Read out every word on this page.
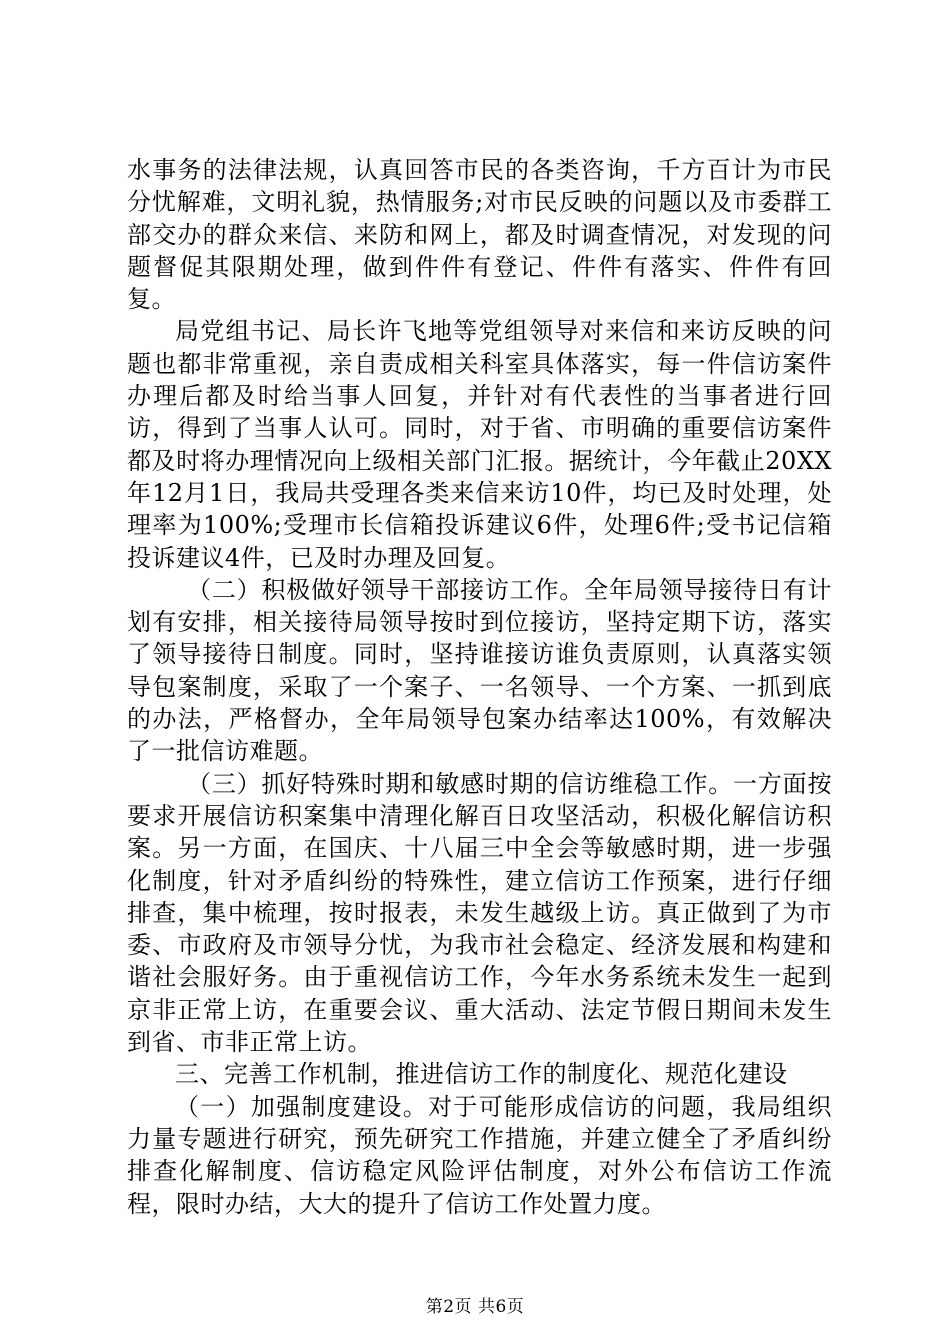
水事务的法律法规，认真回答市民的各类咨询，千方百计为市民分忧解难，文明礼貌，热情服务;对市民反映的问题以及市委群工部交办的群众来信、来防和网上，都及时调查情况，对发现的问题督促其限期处理，做到件件有登记、件件有落实、件件有回复。

局党组书记、局长许飞地等党组领导对来信和来访反映的问题也都非常重视，亲自责成相关科室具体落实，每一件信访案件办理后都及时给当事人回复，并针对有代表性的当事者进行回访，得到了当事人认可。同时，对于省、市明确的重要信访案件都及时将办理情况向上级相关部门汇报。据统计，今年截止20XX年12月1日，我局共受理各类来信来访10件，均已及时处理，处理率为100%;受理市长信箱投诉建议6件，处理6件;受书记信箱投诉建议4件，已及时办理及回复。

（二）积极做好领导干部接访工作。全年局领导接待日有计划有安排，相关接待局领导按时到位接访，坚持定期下访，落实了领导接待日制度。同时，坚持谁接访谁负责原则，认真落实领导包案制度，采取了一个案子、一名领导、一个方案、一抓到底的办法，严格督办，全年局领导包案办结率达100%，有效解决了一批信访难题。

（三）抓好特殊时期和敏感时期的信访维稳工作。一方面按要求开展信访积案集中清理化解百日攻坚活动，积极化解信访积案。另一方面，在国庆、十八届三中全会等敏感时期，进一步强化制度，针对矛盾纠纷的特殊性，建立信访工作预案，进行仔细排查，集中梳理，按时报表，未发生越级上访。真正做到了为市委、市政府及市领导分忧，为我市社会稳定、经济发展和构建和谐社会服好务。由于重视信访工作，今年水务系统未发生一起到京非正常上访，在重要会议、重大活动、法定节假日期间未发生到省、市非正常上访。

三、完善工作机制，推进信访工作的制度化、规范化建设

（一）加强制度建设。对于可能形成信访的问题，我局组织力量专题进行研究，预先研究工作措施，并建立健全了矛盾纠纷排查化解制度、信访稳定风险评估制度，对外公布信访工作流程，限时办结，大大的提升了信访工作处置力度。

第2页 共6页
